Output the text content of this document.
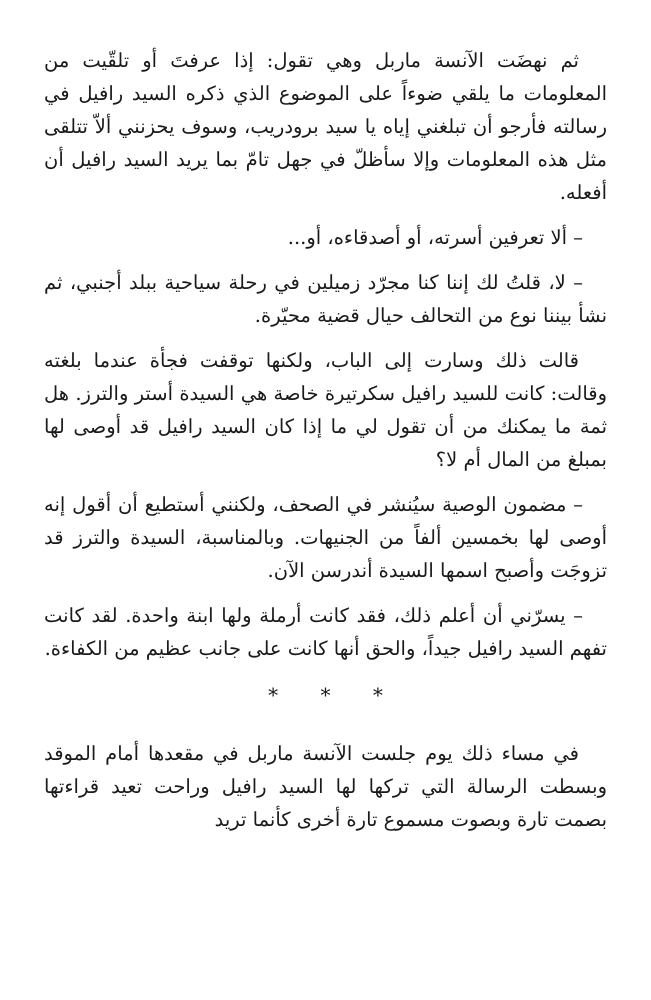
ثم نهضَت الآنسة ماربل وهي تقول: إذا عرفتَ أو تلقّيت من المعلومات ما يلقي ضوءاً على الموضوع الذي ذكره السيد رافيل في رسالته فأرجو أن تبلغني إياه يا سيد برودريب، وسوف يحزنني ألاّ تتلقى مثل هذه المعلومات وإلا سأظلّ في جهل تامّ بما يريد السيد رافيل أن أفعله.

– ألا تعرفين أسرته، أو أصدقاءه، أو...

– لا، قلتُ لك إننا كنا مجرّد زميلين في رحلة سياحية ببلد أجنبي، ثم نشأ بيننا نوع من التحالف حيال قضية محيّرة.

قالت ذلك وسارت إلى الباب، ولكنها توقفت فجأة عندما بلغته وقالت: كانت للسيد رافيل سكرتيرة خاصة هي السيدة أستر والترز. هل ثمة ما يمكنك من أن تقول لي ما إذا كان السيد رافيل قد أوصى لها بمبلغ من المال أم لا؟

– مضمون الوصية سيُنشر في الصحف، ولكنني أستطيع أن أقول إنه أوصى لها بخمسين ألفاً من الجنيهات. وبالمناسبة، السيدة والترز قد تزوجَت وأصبح اسمها السيدة أندرسن الآن.

– يسرّني أن أعلم ذلك، فقد كانت أرملة ولها ابنة واحدة. لقد كانت تفهم السيد رافيل جيداً، والحق أنها كانت على جانب عظيم من الكفاءة.

* * *

في مساء ذلك يوم جلست الآنسة ماربل في مقعدها أمام الموقد وبسطت الرسالة التي تركها لها السيد رافيل وراحت تعيد قراءتها بصمت تارة وبصوت مسموع تارة أخرى كأنما تريد
